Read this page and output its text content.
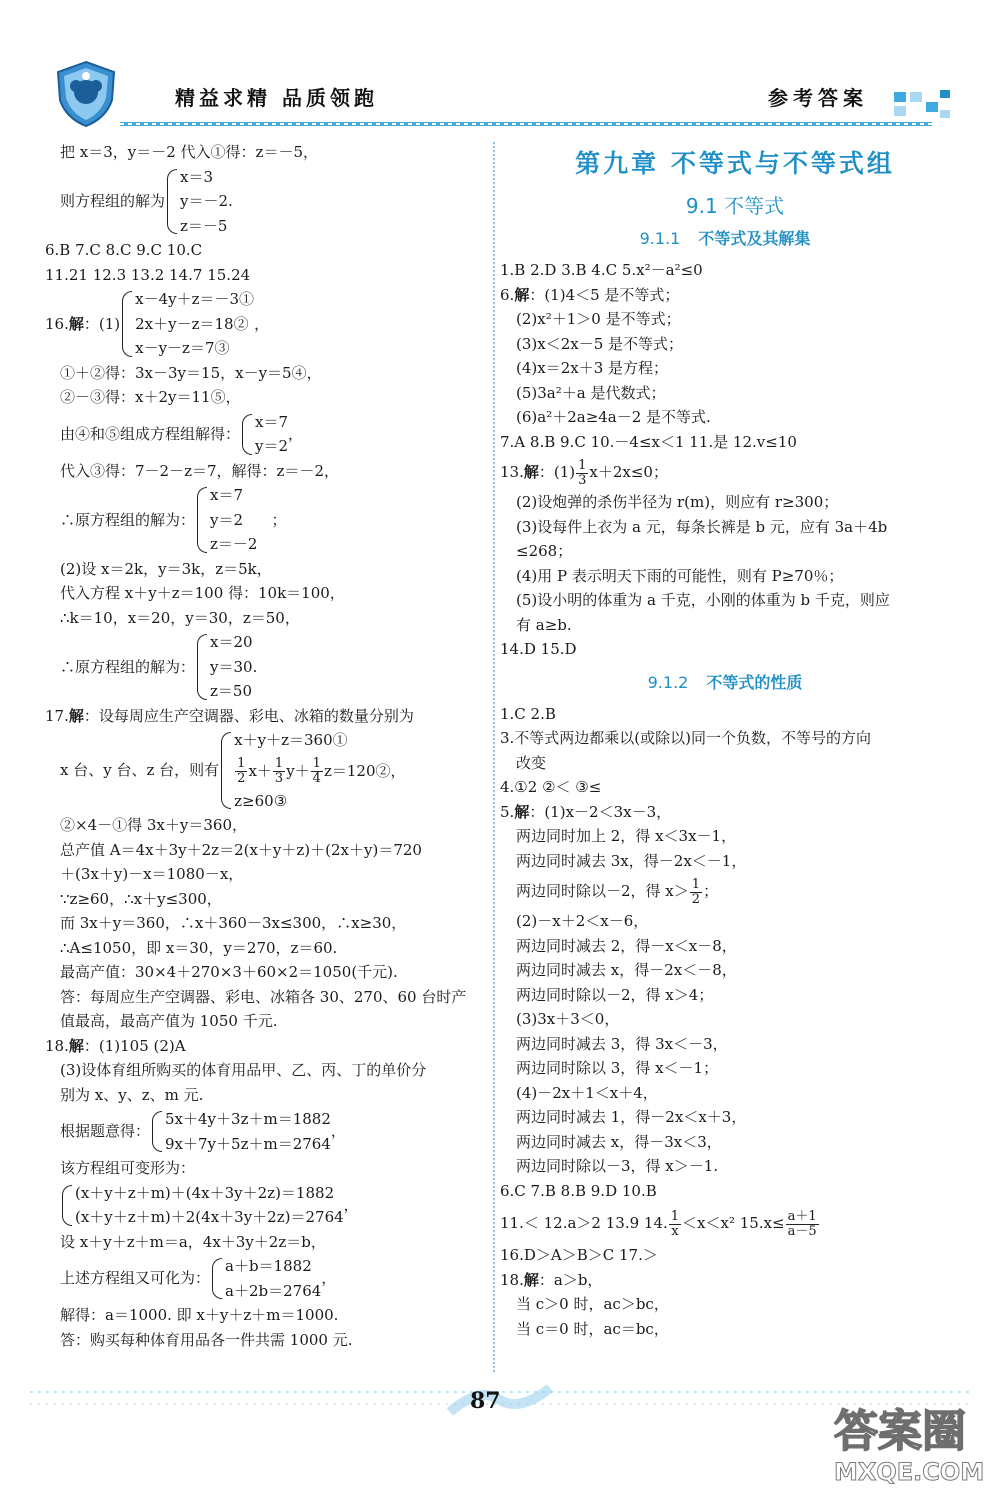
精益求精 品质领跑	参考答案
把 x＝3，y＝－2 代入①得：z＝－5，
则方程组的解为
x＝3
y＝－2.
z＝－5
6.B 7.C 8.C 9.C 10.C
11.21 12.3 13.2 14.7 15.24
16. 解 ：(1)
x－4y＋z＝－3①
2x＋y－z＝18②
x－y－z＝7③
，
①＋②得：3x－3y＝15，x－y＝5④，
②－③得：x＋2y＝11⑤，
由④和⑤组成方程组解得：
x＝7
y＝2
，
代入③得：7－2－z＝7，解得：z＝－2，
∴原方程组的解为：
x＝7
y＝2
z＝－2
；
(2)设 x＝2k，y＝3k，z＝5k，
代入方程 x＋y＋z＝100 得：10k＝100，
∴k＝10，x＝20，y＝30，z＝50，
∴原方程组的解为：
x＝20
y＝30.
z＝50
17.解：设每周应生产空调器、彩电、冰箱的数量分别为
x 台、y 台、z 台，则有
x＋y＋z＝360①
$\frac{1}{2} x+ \frac{1}{3} y+ \frac{1}{4}$ z＝120②，
z≥60③
②×4－①得 3x＋y＝360，
总产值 A＝4x＋3y＋2z＝2(x＋y＋z)＋(2x＋y)＝720
＋(3x＋y)－x＝1080－x，
∵z≥60，∴x＋y≤300，
而 3x＋y＝360，∴x＋360－3x≤300，∴x≥30，
∴A≤1050，即 x＝30，y＝270，z＝60.
最高产值：30×4＋270×3＋60×2＝1050(千元).
答：每周应生产空调器、彩电、冰箱各 30、270、60 台时产
值最高，最高产值为 1050 千元.
18.解：(1)105 (2)A
(3)设体育组所购买的体育用品甲、乙、丙、丁的单价分
别为 x、y、z、m 元.
根据题意得：
5x＋4y＋3z＋m＝1882
9x＋7y＋5z＋m＝2764
，
该方程组可变形为：
(x＋y＋z＋m)＋(4x＋3y＋2z)＝1882
(x＋y＋z＋m)＋2(4x＋3y＋2z)＝2764
，
设 x＋y＋z＋m＝a，4x＋3y＋2z＝b，
上述方程组又可化为：
a＋b＝1882
a＋2b＝2764
，
解得：a＝1000. 即 x＋y＋z＋m＝1000.
答：购买每种体育用品各一件共需 1000 元.
第九章 不等式与不等式组
9.1 不等式
9.1.1 不等式及其解集
1.B 2.D 3.B 4.C 5.x²－a²≤0
6.解：(1)4＜5 是不等式；
(2)x²＋1＞0 是不等式；
(3)x＜2x－5 是不等式；
(4)x＝2x＋3 是方程；
(5)3a²＋a 是代数式；
(6)a²＋2a≥4a－2 是不等式.
7.A 8.B 9.C 10.－4≤x＜1 11.是 12.v≤10
13.解：$(1) \frac{1}{3} x+2x\le 0$；
(2)设炮弹的杀伤半径为 r(m)，则应有 r≥300；
(3)设每件上衣为 a 元，每条长裤是 b 元，应有 3a＋4b
≤268；
(4)用 P 表示明天下雨的可能性，则有 P≥70％；
(5)设小明的体重为 a 千克，小刚的体重为 b 千克，则应
有 a≥b.
14.D 15.D
9.1.2 不等式的性质
1.C 2.B
3.不等式两边都乘以(或除以)同一个负数，不等号的方向
改变
4.①2 ②＜ ③≤
5.解：(1)x－2＜3x－3，
两边同时加上 2，得 x＜3x－1，
两边同时减去 3x，得－2x＜－1，
两边同时除以－2，得 $x> \frac{1}{2}$ ；
(2)－x＋2＜x－6，
两边同时减去 2，得－x＜x－8，
两边同时减去 x，得－2x＜－8，
两边同时除以－2，得 x＞4；
(3)3x＋3＜0，
两边同时减去 3，得 3x＜－3，
两边同时除以 3，得 x＜－1；
(4)－2x＋1＜x＋4，
两边同时减去 1，得－2x＜x＋3，
两边同时减去 x，得－3x＜3，
两边同时除以－3，得 x＞－1.
6.C 7.B 8.B 9.D 10.B
11.＜ 12.a＞2 13.9 14. $\frac{1}{x} <x<x^2$ $15.x\le \frac{a+1}{a-5}$
16.D＞A＞B＞C 17.＞
18.解：a＞b，
当 c＞0 时，ac＞bc，
当 c＝0 时，ac＝bc，
87
答案圈
MXQE.COM
